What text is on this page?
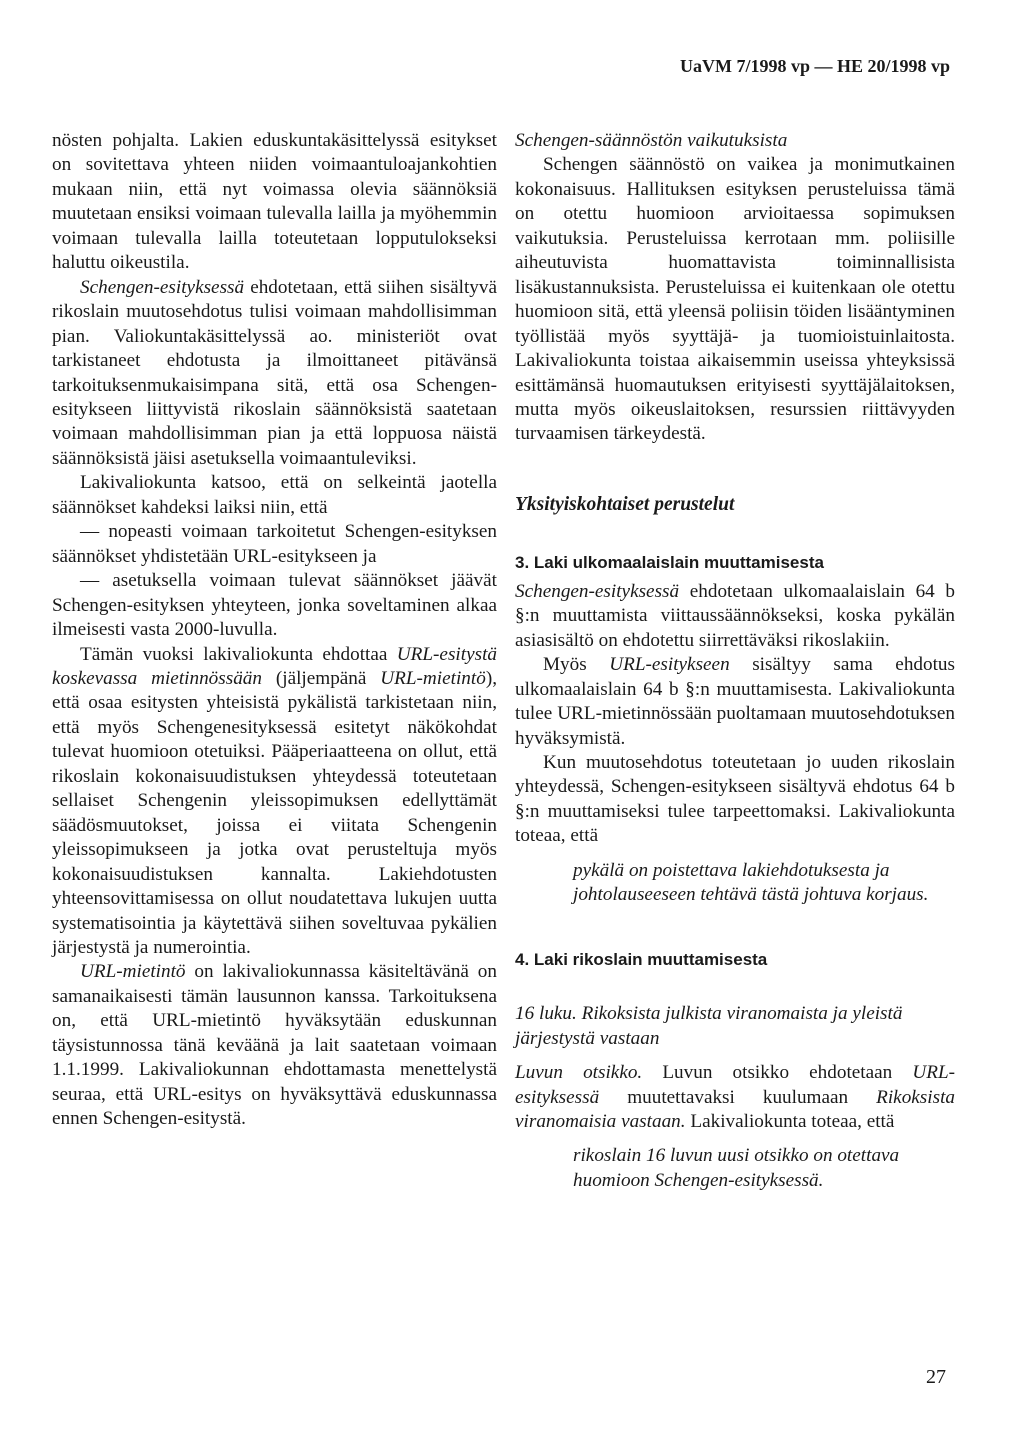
UaVM 7/1998 vp — HE 20/1998 vp

nösten pohjalta. Lakien eduskuntakäsittelyssä esitykset on sovitettava yhteen niiden voimaantuloajankohtien mukaan niin, että nyt voimassa olevia säännöksiä muutetaan ensiksi voimaan tulevalla lailla ja myöhemmin voimaan tulevalla lailla toteutetaan lopputulokseksi haluttu oikeustila.

Schengen-esityksessä ehdotetaan, että siihen sisältyvä rikoslain muutosehdotus tulisi voimaan mahdollisimman pian. Valiokuntakäsittelyssä ao. ministeriöt ovat tarkistaneet ehdotusta ja ilmoittaneet pitävänsä tarkoituksenmukaisimpana sitä, että osa Schengen-esitykseen liittyvistä rikoslain säännöksistä saatetaan voimaan mahdollisimman pian ja että loppuosa näistä säännöksistä jäisi asetuksella voimaantuleviksi.

Lakivaliokunta katsoo, että on selkeintä jaotella säännökset kahdeksi laiksi niin, että

— nopeasti voimaan tarkoitetut Schengen-esityksen säännökset yhdistetään URL-esitykseen ja

— asetuksella voimaan tulevat säännökset jäävät Schengen-esityksen yhteyteen, jonka soveltaminen alkaa ilmeisesti vasta 2000-luvulla.

Tämän vuoksi lakivaliokunta ehdottaa URL-esitystä koskevassa mietinnössään (jäljempänä URL-mietintö), että osaa esitysten yhteisistä pykälistä tarkistetaan niin, että myös Schengenesityksessä esitetyt näkökohdat tulevat huomioon otetuiksi. Pääperiaatteena on ollut, että rikoslain kokonaisuudistuksen yhteydessä toteutetaan sellaiset Schengenin yleissopimuksen edellyttämät säädösmuutokset, joissa ei viitata Schengenin yleissopimukseen ja jotka ovat perusteltuja myös kokonaisuudistuksen kannalta. Lakiehdotusten yhteensovittamisessa on ollut noudatettava lukujen uutta systematisointia ja käytettävä siihen soveltuvaa pykälien järjestystä ja numerointia.

URL-mietintö on lakivaliokunnassa käsiteltävänä on samanaikaisesti tämän lausunnon kanssa. Tarkoituksena on, että URL-mietintö hyväksytään eduskunnan täysistunnossa tänä keväänä ja lait saatetaan voimaan 1.1.1999. Lakivaliokunnan ehdottamasta menettelystä seuraa, että URL-esitys on hyväksyttävä eduskunnassa ennen Schengen-esitystä.

Schengen-säännöstön vaikutuksista

Schengen säännöstö on vaikea ja monimutkainen kokonaisuus. Hallituksen esityksen perusteluissa tämä on otettu huomioon arvioitaessa sopimuksen vaikutuksia. Perusteluissa kerrotaan mm. poliisille aiheutuvista huomattavista toiminnallisista lisäkustannuksista. Perusteluissa ei kuitenkaan ole otettu huomioon sitä, että yleensä poliisin töiden lisääntyminen työllistää myös syyttäjä- ja tuomioistuinlaitosta. Lakivaliokunta toistaa aikaisemmin useissa yhteyksissä esittämänsä huomautuksen erityisesti syyttäjälaitoksen, mutta myös oikeuslaitoksen, resurssien riittävyyden turvaamisen tärkeydestä.

Yksityiskohtaiset perustelut

3. Laki ulkomaalaislain muuttamisesta

Schengen-esityksessä ehdotetaan ulkomaalaislain 64 b §:n muuttamista viittaussäännökseksi, koska pykälän asiasisältö on ehdotettu siirrettäväksi rikoslakiin.

Myös URL-esitykseen sisältyy sama ehdotus ulkomaalaislain 64 b §:n muuttamisesta. Lakivaliokunta tulee URL-mietinnössään puoltamaan muutosehdotuksen hyväksymistä.

Kun muutosehdotus toteutetaan jo uuden rikoslain yhteydessä, Schengen-esitykseen sisältyvä ehdotus 64 b §:n muuttamiseksi tulee tarpeettomaksi. Lakivaliokunta toteaa, että

pykälä on poistettava lakiehdotuksesta ja johtolauseeseen tehtävä tästä johtuva korjaus.

4. Laki rikoslain muuttamisesta

16 luku. Rikoksista julkista viranomaista ja yleistä järjestystä vastaan

Luvun otsikko. Luvun otsikko ehdotetaan URL-esityksessä muutettavaksi kuulumaan Rikoksista viranomaisia vastaan. Lakivaliokunta toteaa, että

rikoslain 16 luvun uusi otsikko on otettava huomioon Schengen-esityksessä.

27
